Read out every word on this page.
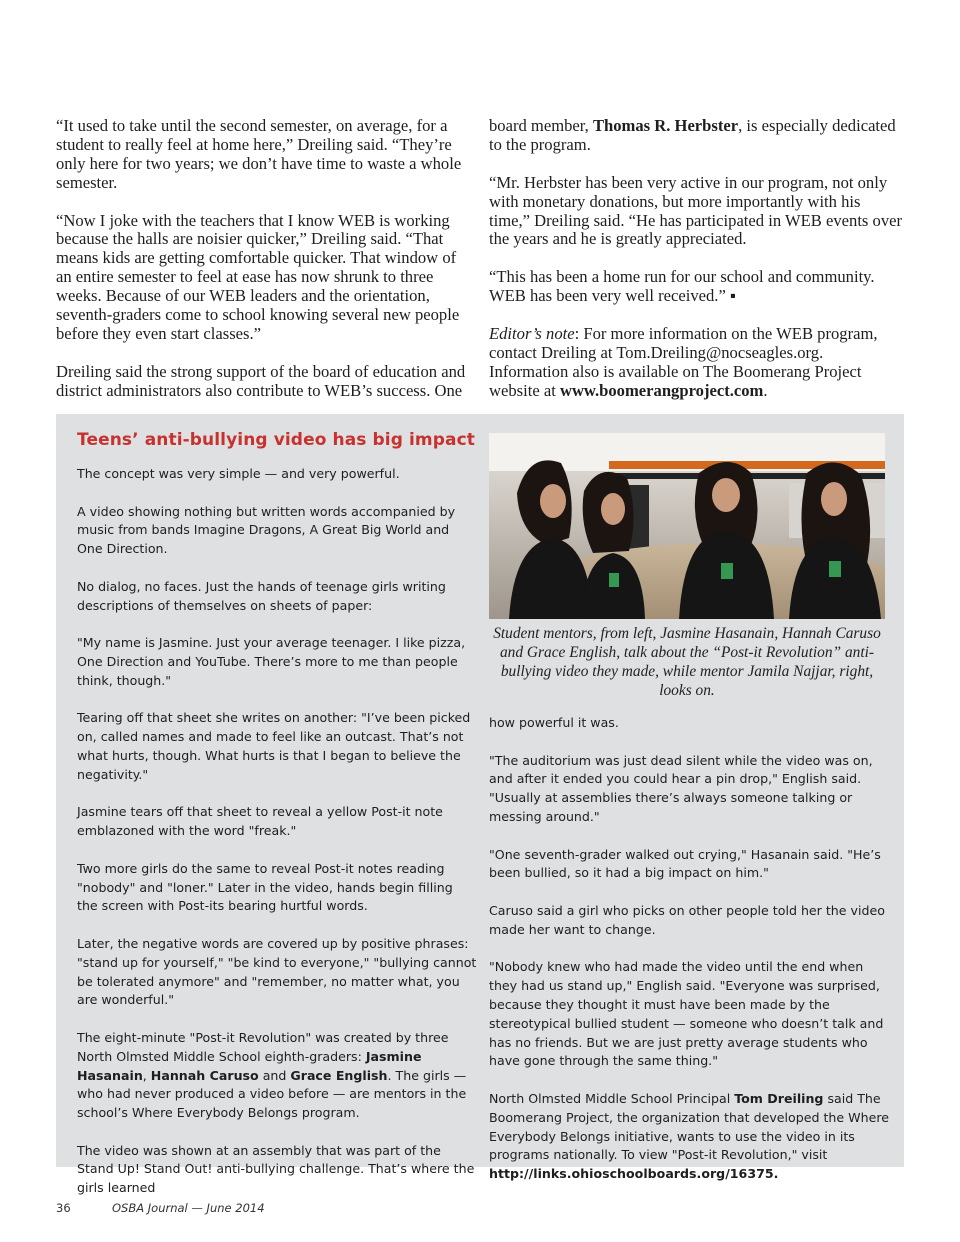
“It used to take until the second semester, on average, for a student to really feel at home here,” Dreiling said. “They’re only here for two years; we don’t have time to waste a whole semester.

“Now I joke with the teachers that I know WEB is working because the halls are noisier quicker,” Dreiling said. “That means kids are getting comfortable quicker. That window of an entire semester to feel at ease has now shrunk to three weeks. Because of our WEB leaders and the orientation, seventh-graders come to school knowing several new people before they even start classes.”

Dreiling said the strong support of the board of education and district administrators also contribute to WEB’s success. One

board member, Thomas R. Herbster, is especially dedicated to the program.

“Mr. Herbster has been very active in our program, not only with monetary donations, but more importantly with his time,” Dreiling said. “He has participated in WEB events over the years and he is greatly appreciated.

“This has been a home run for our school and community. WEB has been very well received.” ▪

Editor’s note: For more information on the WEB program, contact Dreiling at Tom.Dreiling@nocseagles.org. Information also is available on The Boomerang Project website at www.boomerangproject.com.

Teens’ anti-bullying video has big impact

The concept was very simple — and very powerful.

A video showing nothing but written words accompanied by music from bands Imagine Dragons, A Great Big World and One Direction.

No dialog, no faces. Just the hands of teenage girls writing descriptions of themselves on sheets of paper:

"My name is Jasmine. Just your average teenager. I like pizza, One Direction and YouTube. There’s more to me than people think, though."

Tearing off that sheet she writes on another: "I’ve been picked on, called names and made to feel like an outcast. That’s not what hurts, though. What hurts is that I began to believe the negativity."

Jasmine tears off that sheet to reveal a yellow Post-it note emblazoned with the word "freak."

Two more girls do the same to reveal Post-it notes reading "nobody" and "loner." Later in the video, hands begin filling the screen with Post-its bearing hurtful words.

Later, the negative words are covered up by positive phrases: "stand up for yourself," "be kind to everyone," "bullying cannot be tolerated anymore" and "remember, no matter what, you are wonderful."

The eight-minute "Post-it Revolution" was created by three North Olmsted Middle School eighth-graders: Jasmine Hasanain, Hannah Caruso and Grace English. The girls — who had never produced a video before — are mentors in the school’s Where Everybody Belongs program.

The video was shown at an assembly that was part of the Stand Up! Stand Out! anti-bullying challenge. That’s where the girls learned

Student mentors, from left, Jasmine Hasanain, Hannah Caruso and Grace English, talk about the “Post-it Revolution” anti-bullying video they made, while mentor Jamila Najjar, right, looks on.

how powerful it was.

"The auditorium was just dead silent while the video was on, and after it ended you could hear a pin drop," English said. "Usually at assemblies there’s always someone talking or messing around."

"One seventh-grader walked out crying," Hasanain said. "He’s been bullied, so it had a big impact on him."

Caruso said a girl who picks on other people told her the video made her want to change.

"Nobody knew who had made the video until the end when they had us stand up," English said. "Everyone was surprised, because they thought it must have been made by the stereotypical bullied student — someone who doesn’t talk and has no friends. But we are just pretty average students who have gone through the same thing."

North Olmsted Middle School Principal Tom Dreiling said The Boomerang Project, the organization that developed the Where Everybody Belongs initiative, wants to use the video in its programs nationally. To view "Post-it Revolution," visit http://links.ohioschoolboards.org/16375.

36	OSBA Journal — June 2014
